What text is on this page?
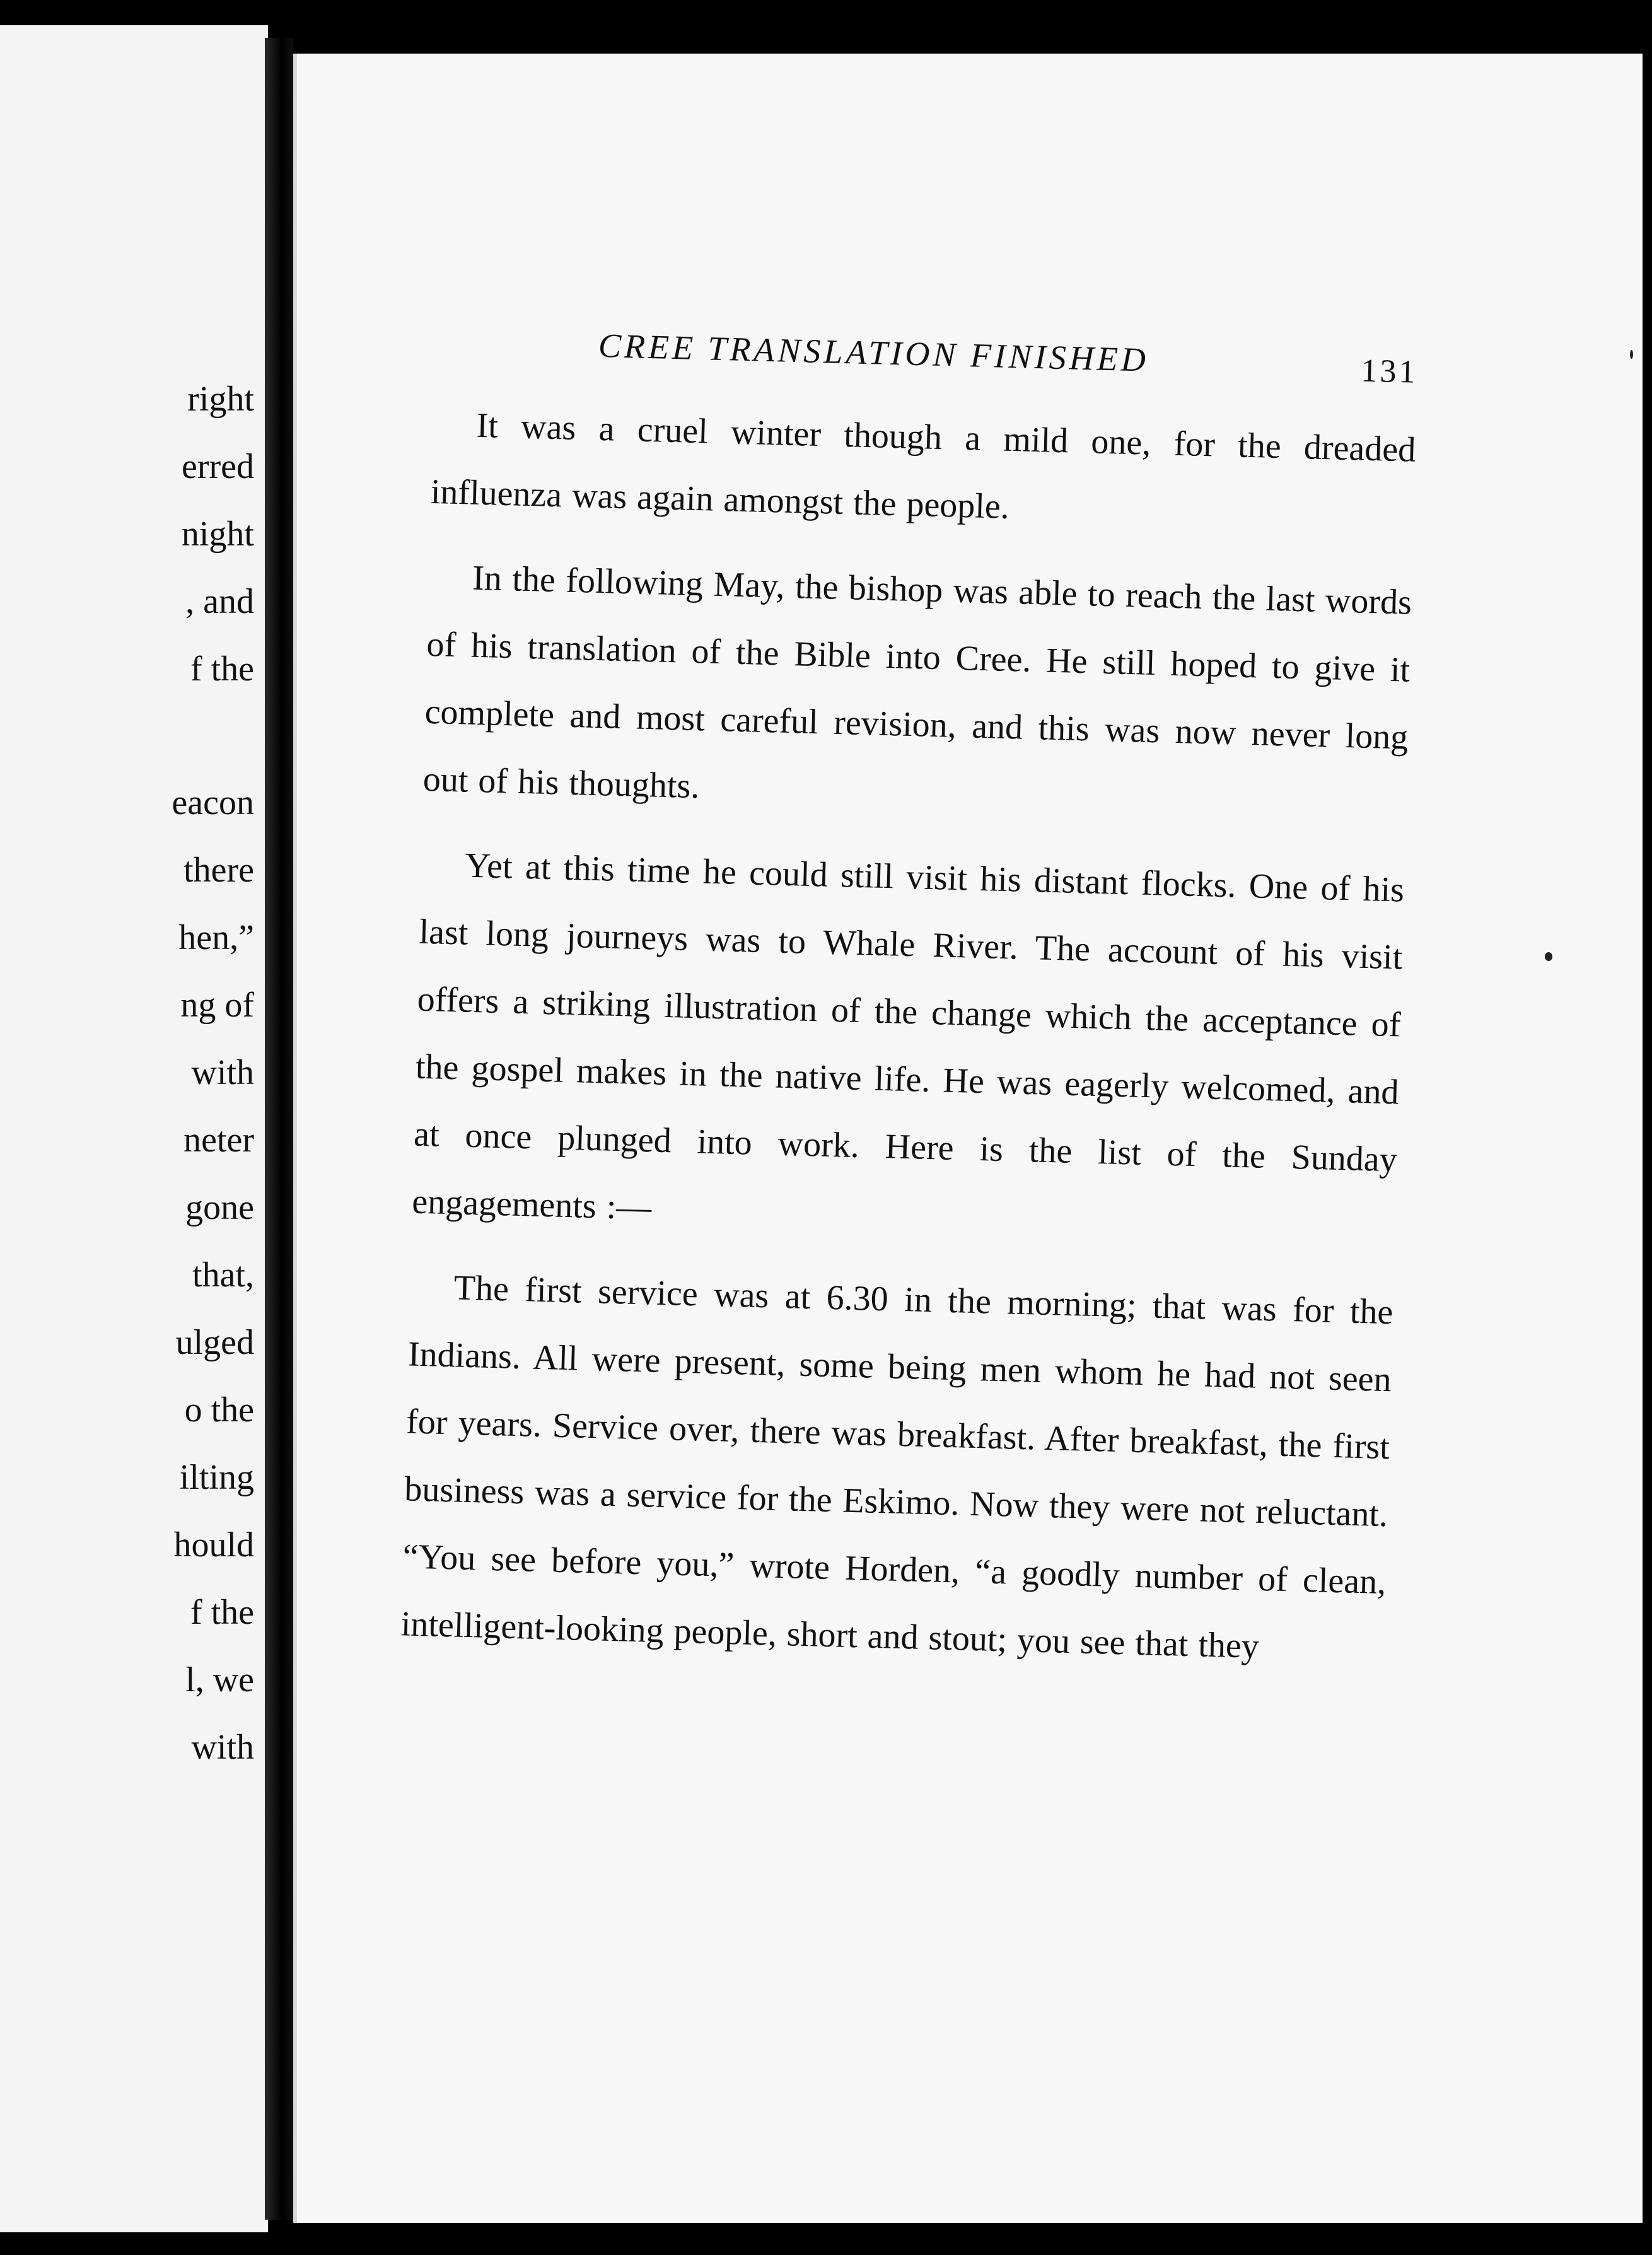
right
erred
night
, and
f the
eacon
there
hen,”
ng of
with
neter
gone
that,
ulged
o the
ilting
hould
f the
l, we
with
CREE TRANSLATION FINISHED	131

It was a cruel winter though a mild one, for the dreaded influenza was again amongst the people.

In the following May, the bishop was able to reach the last words of his translation of the Bible into Cree. He still hoped to give it complete and most careful revision, and this was now never long out of his thoughts.

Yet at this time he could still visit his distant flocks. One of his last long journeys was to Whale River. The account of his visit offers a striking illustration of the change which the acceptance of the gospel makes in the native life. He was eagerly welcomed, and at once plunged into work. Here is the list of the Sunday engagements :—

The first service was at 6.30 in the morning; that was for the Indians. All were present, some being men whom he had not seen for years. Service over, there was breakfast. After breakfast, the first business was a service for the Eskimo. Now they were not reluctant. “You see before you,” wrote Horden, “a goodly number of clean, intelligent-looking people, short and stout; you see that they
